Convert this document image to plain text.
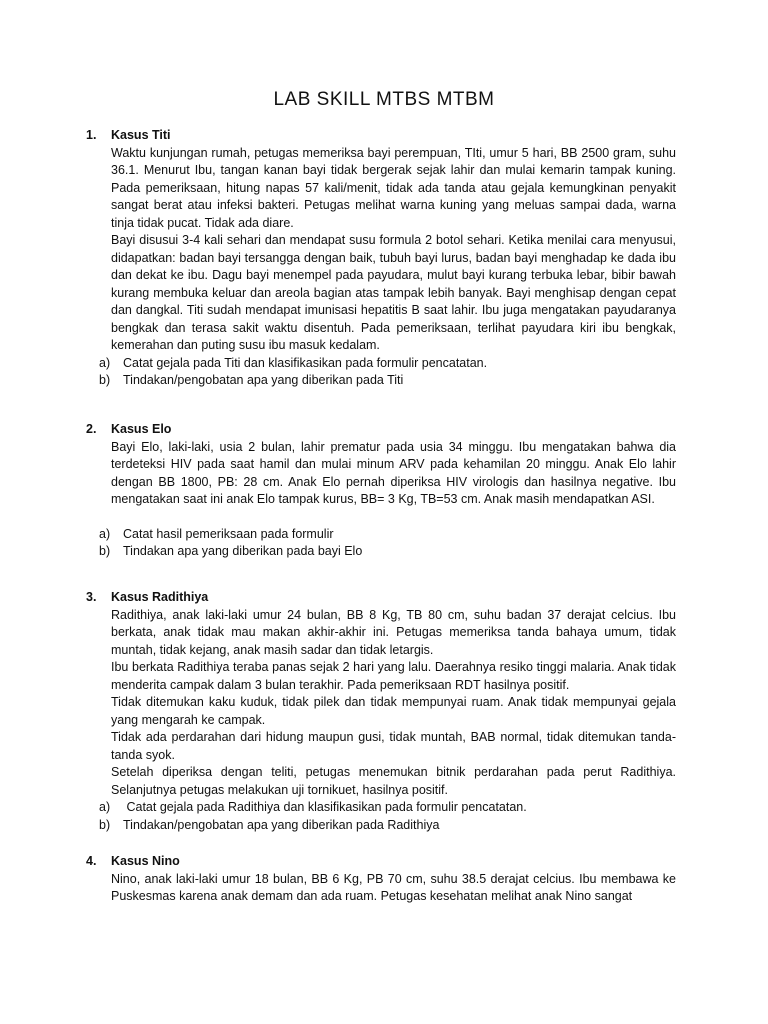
LAB SKILL MTBS MTBM
1. Kasus Titi
Waktu kunjungan rumah, petugas memeriksa bayi perempuan, TIti, umur 5 hari, BB 2500 gram, suhu 36.1. Menurut Ibu, tangan kanan bayi tidak bergerak sejak lahir dan mulai kemarin tampak kuning. Pada pemeriksaan, hitung napas 57 kali/menit, tidak ada tanda atau gejala kemungkinan penyakit sangat berat atau infeksi bakteri. Petugas melihat warna kuning yang meluas sampai dada, warna tinja tidak pucat. Tidak ada diare.
Bayi disusui 3-4 kali sehari dan mendapat susu formula 2 botol sehari. Ketika menilai cara menyusui, didapatkan: badan bayi tersangga dengan baik, tubuh bayi lurus, badan bayi menghadap ke dada ibu dan dekat ke ibu. Dagu bayi menempel pada payudara, mulut bayi kurang terbuka lebar, bibir bawah kurang membuka keluar dan areola bagian atas tampak lebih banyak. Bayi menghisap dengan cepat dan dangkal. Titi sudah mendapat imunisasi hepatitis B saat lahir. Ibu juga mengatakan payudaranya bengkak dan terasa sakit waktu disentuh. Pada pemeriksaan, terlihat payudara kiri ibu bengkak, kemerahan dan puting susu ibu masuk kedalam.
a)	Catat gejala pada Titi dan klasifikasikan pada formulir pencatatan.
b)	Tindakan/pengobatan apa yang diberikan pada Titi
2. Kasus Elo
Bayi Elo, laki-laki, usia 2 bulan, lahir prematur pada usia 34 minggu. Ibu mengatakan bahwa dia terdeteksi HIV pada saat hamil dan mulai minum ARV pada kehamilan 20 minggu. Anak Elo lahir dengan BB 1800, PB: 28 cm. Anak Elo pernah diperiksa HIV virologis dan hasilnya negative. Ibu mengatakan saat ini anak Elo tampak kurus, BB= 3 Kg, TB=53 cm. Anak masih mendapatkan ASI.
a)	Catat hasil pemeriksaan pada formulir
b)	Tindakan apa yang diberikan pada bayi Elo
3. Kasus Radithiya
Radithiya, anak laki-laki umur 24 bulan, BB 8 Kg, TB 80 cm, suhu badan 37 derajat celcius. Ibu berkata, anak tidak mau makan akhir-akhir ini. Petugas memeriksa tanda bahaya umum, tidak muntah, tidak kejang, anak masih sadar dan tidak letargis.
Ibu berkata Radithiya teraba panas sejak 2 hari yang lalu. Daerahnya resiko tinggi malaria. Anak tidak menderita campak dalam 3 bulan terakhir. Pada pemeriksaan RDT hasilnya positif.
Tidak ditemukan kaku kuduk, tidak pilek dan tidak mempunyai ruam. Anak tidak mempunyai gejala yang mengarah ke campak.
Tidak ada perdarahan dari hidung maupun gusi, tidak muntah, BAB normal, tidak ditemukan tanda-tanda syok.
Setelah diperiksa dengan teliti, petugas menemukan bitnik perdarahan pada perut Radithiya. Selanjutnya petugas melakukan uji tornikuet, hasilnya positif.
a)	Catat gejala pada Radithiya dan klasifikasikan pada formulir pencatatan.
b)	Tindakan/pengobatan apa yang diberikan pada Radithiya
4. Kasus Nino
Nino, anak laki-laki umur 18 bulan, BB 6 Kg, PB 70 cm, suhu 38.5 derajat celcius. Ibu membawa ke Puskesmas karena anak demam dan ada ruam. Petugas kesehatan melihat anak Nino sangat
